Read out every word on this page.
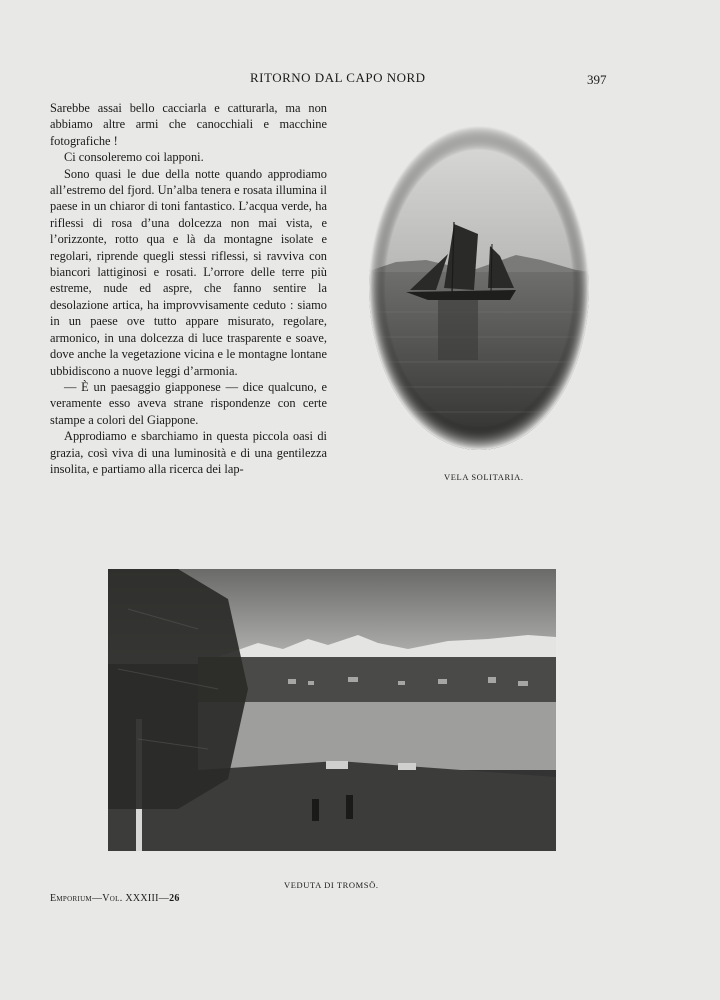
RITORNO DAL CAPO NORD	397

Sarebbe assai bello cacciarla e catturarla, ma non abbiamo altre armi che canocchiali e macchine fotografiche !

Ci consoleremo coi lapponi.

Sono quasi le due della notte quando approdiamo all’estremo del fjord. Un’alba tenera e rosata illumina il paese in un chiaror di toni fantastico. L’acqua verde, ha riflessi di rosa d’una dolcezza non mai vista, e l’orizzonte, rotto qua e là da montagne isolate e regolari, riprende quegli stessi riflessi, si ravviva con biancori lattiginosi e rosati. L’orrore delle terre più estreme, nude ed aspre, che fanno sentire la desolazione artica, ha improvvisamente ceduto : siamo in un paese ove tutto appare misurato, regolare, armonico, in una dolcezza di luce trasparente e soave, dove anche la vegetazione vicina e le montagne lontane ubbidiscono a nuove leggi d’armonia.

— È un paesaggio giapponese — dice qualcuno, e veramente esso aveva strane rispondenze con certe stampe a colori del Giappone.

Approdiamo e sbarchiamo in questa piccola oasi di grazia, così viva di una luminosità e di una gentilezza insolita, e partiamo alla ricerca dei lap-

VELA SOLITARIA.
VEDUTA DI TROMSÖ.
Emporium—Vol. XXXIII—26
